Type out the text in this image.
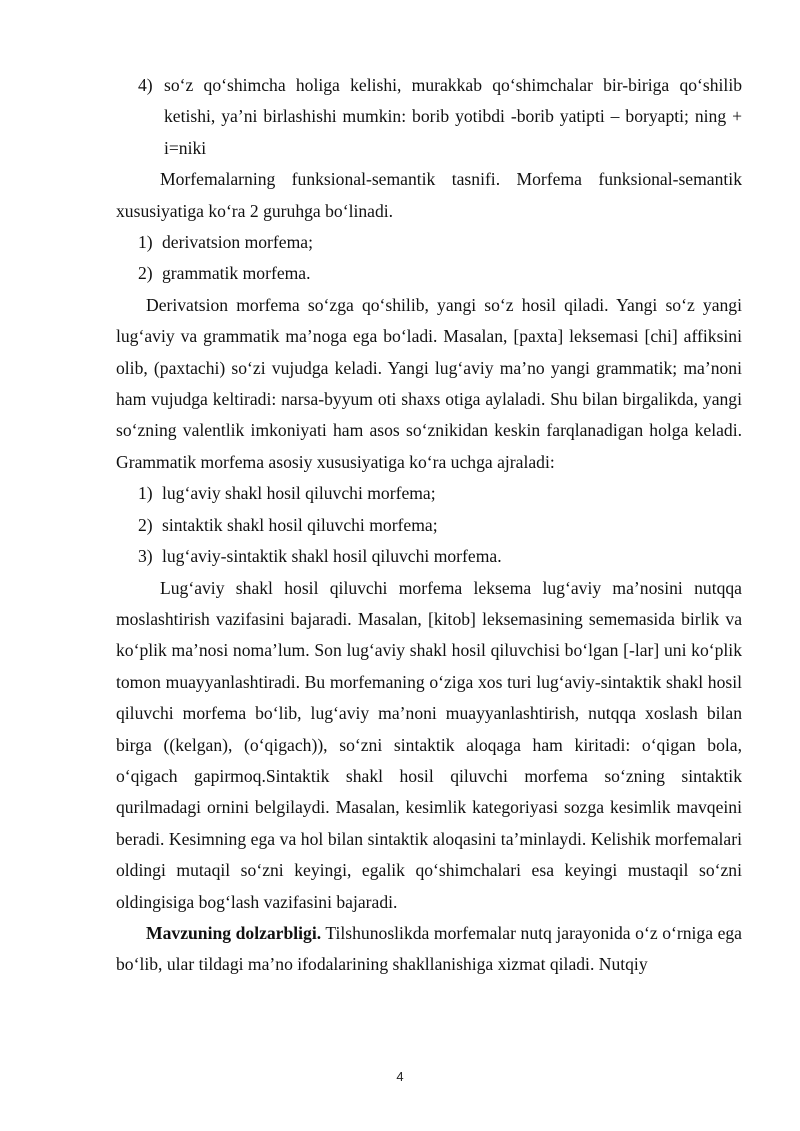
4) so‘z qo‘shimcha holiga kelishi, murakkab qo‘shimchalar bir-biriga qo‘shilib ketishi, ya’ni birlashishi mumkin: borib yotibdi -borib yatipti – boryapti; ning + i=niki

Morfemalarning funksional-semantik tasnifi. Morfema funksional-semantik xususiyatiga ko‘ra 2 guruhga bo‘linadi.

1) derivatsion morfema;
2) grammatik morfema.

Derivatsion morfema so‘zga qo‘shilib, yangi so‘z hosil qiladi. Yangi so‘z yangi lug‘aviy va grammatik ma’noga ega bo‘ladi. Masalan, [paxta] leksemasi [chi] affiksini olib, (paxtachi) so‘zi vujudga keladi. Yangi lug‘aviy ma’no yangi grammatik; ma’noni ham vujudga keltiradi: narsa-byyum oti shaxs otiga aylaladi. Shu bilan birgalikda, yangi so‘zning valentlik imkoniyati ham asos so‘znikidan keskin farqlanadigan holga keladi. Grammatik morfema asosiy xususiyatiga ko‘ra uchga ajraladi:

1) lug‘aviy shakl hosil qiluvchi morfema;
2) sintaktik shakl hosil qiluvchi morfema;
3) lug‘aviy-sintaktik shakl hosil qiluvchi morfema.

Lug‘aviy shakl hosil qiluvchi morfema leksema lug‘aviy ma’nosini nutqqa moslashtirish vazifasini bajaradi. Masalan, [kitob] leksemasining sememasida birlik va ko‘plik ma’nosi noma’lum. Son lug‘aviy shakl hosil qiluvchisi bo‘lgan [-lar] uni ko‘plik tomon muayyanlashtiradi. Bu morfemaning o‘ziga xos turi lug‘aviy-sintaktik shakl hosil qiluvchi morfema bo‘lib, lug‘aviy ma’noni muayyanlashtirish, nutqqa xoslash bilan birga ((kelgan), (o‘qigach)), so‘zni sintaktik aloqaga ham kiritadi: o‘qigan bola, o‘qigach gapirmoq.Sintaktik shakl hosil qiluvchi morfema so‘zning sintaktik qurilmadagi ornini belgilaydi. Masalan, kesimlik kategoriyasi sozga kesimlik mavqeini beradi. Kesimning ega va hol bilan sintaktik aloqasini ta’minlaydi. Kelishik morfemalari oldingi mutaqil so‘zni keyingi, egalik qo‘shimchalari esa keyingi mustaqil so‘zni oldingisiga bog‘lash vazifasini bajaradi.

Mavzuning dolzarbligi. Tilshunoslikda morfemalar nutq jarayonida o‘z o‘rniga ega bo‘lib, ular tildagi ma’no ifodalarining shakllanishiga xizmat qiladi. Nutqiy

4
